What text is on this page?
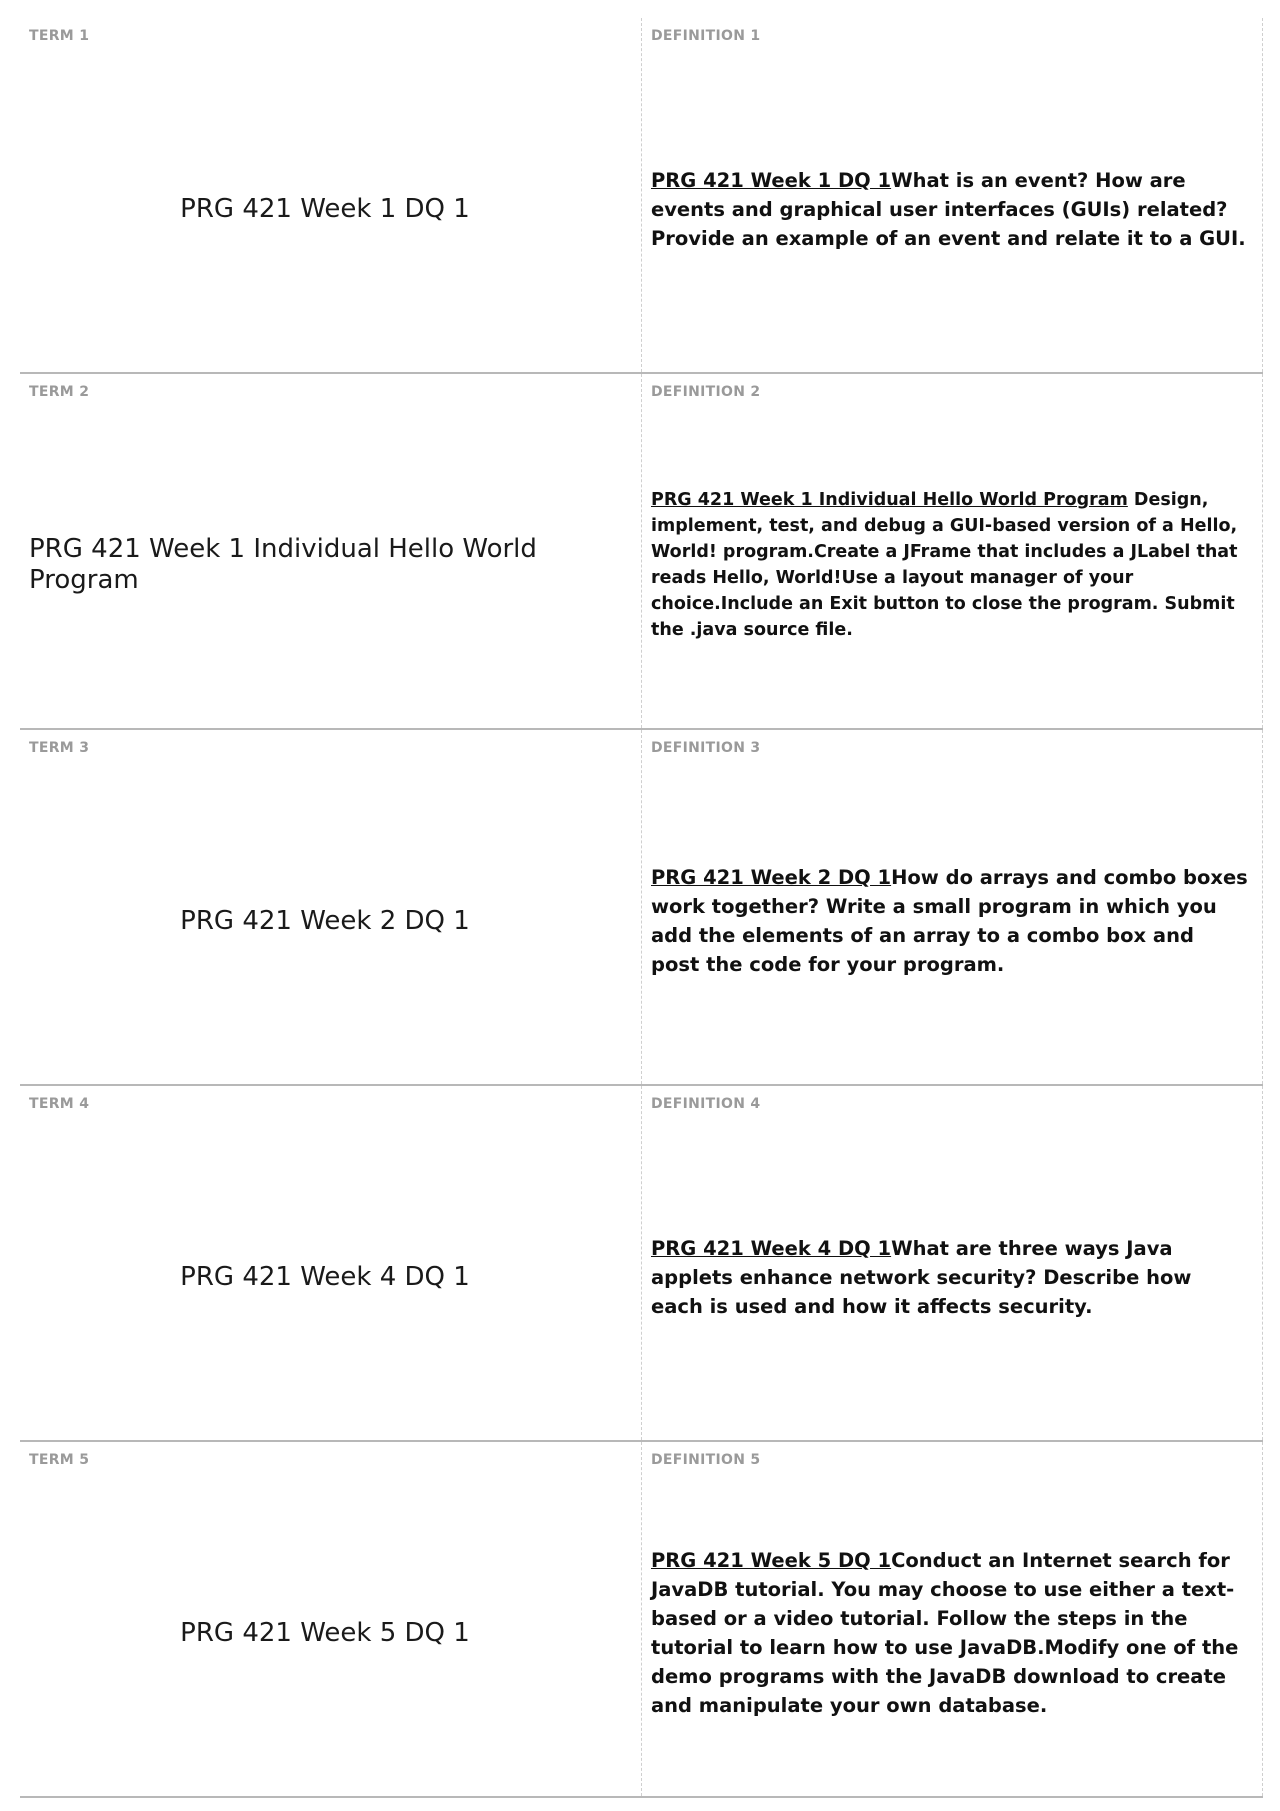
TERM 1
PRG 421 Week 1 DQ 1
DEFINITION 1
PRG 421 Week 1 DQ 1What is an event? How are events and graphical user interfaces (GUIs) related? Provide an example of an event and relate it to a GUI.
TERM 2
PRG 421 Week 1 Individual Hello World Program
DEFINITION 2
PRG 421 Week 1 Individual Hello World Program Design, implement, test, and debug a GUI-based version of a Hello, World! program.Create a JFrame that includes a JLabel that reads Hello, World!Use a layout manager of your choice.Include an Exit button to close the program. Submit the .java source file.
TERM 3
PRG 421 Week 2 DQ 1
DEFINITION 3
PRG 421 Week 2 DQ 1How do arrays and combo boxes work together? Write a small program in which you add the elements of an array to a combo box and post the code for your program.
TERM 4
PRG 421 Week 4 DQ 1
DEFINITION 4
PRG 421 Week 4 DQ 1What are three ways Java applets enhance network security? Describe how each is used and how it affects security.
TERM 5
PRG 421 Week 5 DQ 1
DEFINITION 5
PRG 421 Week 5 DQ 1Conduct an Internet search for JavaDB tutorial. You may choose to use either a text-based or a video tutorial. Follow the steps in the tutorial to learn how to use JavaDB.Modify one of the demo programs with the JavaDB download to create and manipulate your own database.
